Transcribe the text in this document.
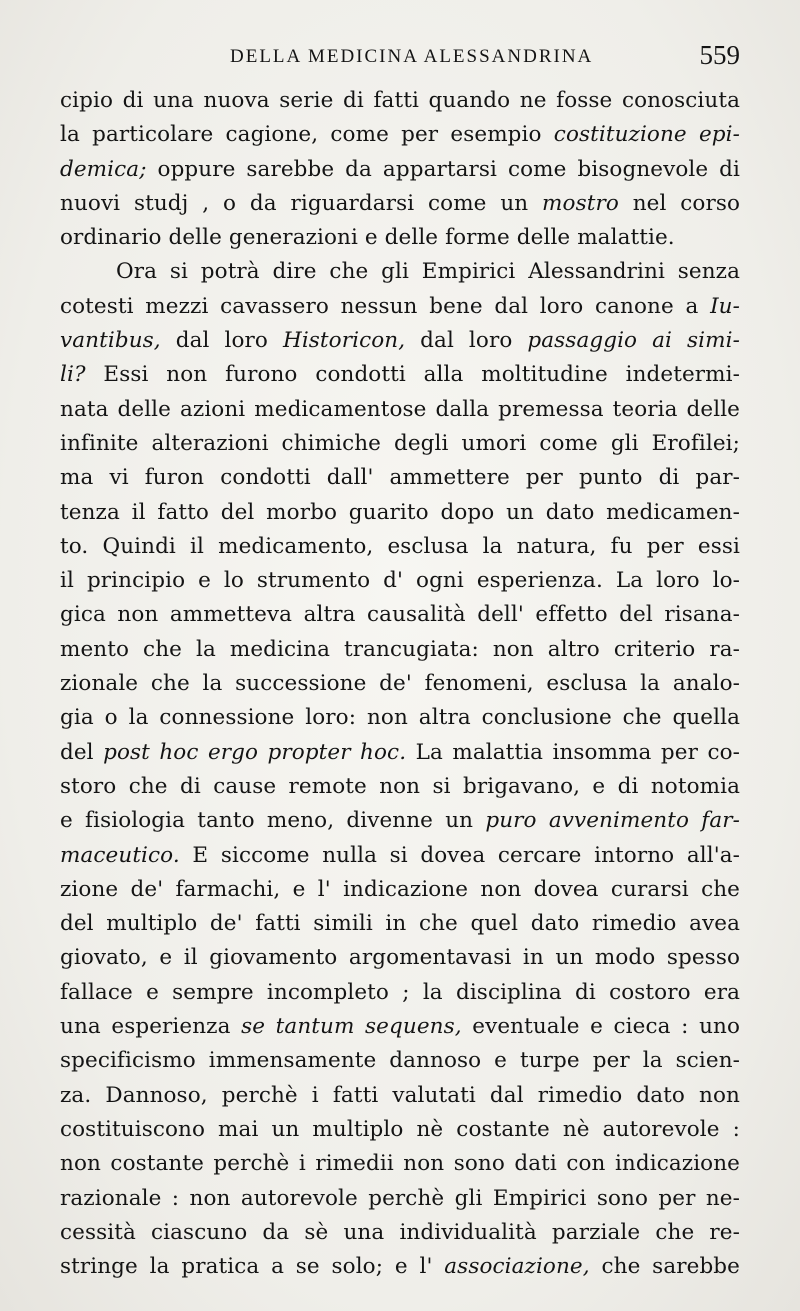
DELLA MEDICINA ALESSANDRINA	559
cipio di una nuova serie di fatti quando ne fosse conosciuta
la particolare cagione, come per esempio costituzione epi-
demica; oppure sarebbe da appartarsi come bisognevole di
nuovi studj , o da riguardarsi come un mostro nel corso
ordinario delle generazioni e delle forme delle malattie.
Ora si potrà dire che gli Empirici Alessandrini senza
cotesti mezzi cavassero nessun bene dal loro canone a Iu-
vantibus, dal loro Historicon, dal loro passaggio ai simi-
li? Essi non furono condotti alla moltitudine indetermi-
nata delle azioni medicamentose dalla premessa teoria delle
infinite alterazioni chimiche degli umori come gli Erofilei;
ma vi furon condotti dall' ammettere per punto di par-
tenza il fatto del morbo guarito dopo un dato medicamen-
to. Quindi il medicamento, esclusa la natura, fu per essi
il principio e lo strumento d' ogni esperienza. La loro lo-
gica non ammetteva altra causalità dell' effetto del risana-
mento che la medicina trancugiata: non altro criterio ra-
zionale che la successione de' fenomeni, esclusa la analo-
gia o la connessione loro: non altra conclusione che quella
del post hoc ergo propter hoc. La malattia insomma per co-
storo che di cause remote non si brigavano, e di notomia
e fisiologia tanto meno, divenne un puro avvenimento far-
maceutico. E siccome nulla si dovea cercare intorno all'a-
zione de' farmachi, e l' indicazione non dovea curarsi che
del multiplo de' fatti simili in che quel dato rimedio avea
giovato, e il giovamento argomentavasi in un modo spesso
fallace e sempre incompleto ; la disciplina di costoro era
una esperienza se tantum sequens, eventuale e cieca : uno
specificismo immensamente dannoso e turpe per la scien-
za. Dannoso, perchè i fatti valutati dal rimedio dato non
costituiscono mai un multiplo nè costante nè autorevole :
non costante perchè i rimedii non sono dati con indicazione
razionale : non autorevole perchè gli Empirici sono per ne-
cessità ciascuno da sè una individualità parziale che re-
stringe la pratica a se solo; e l' associazione, che sarebbe
